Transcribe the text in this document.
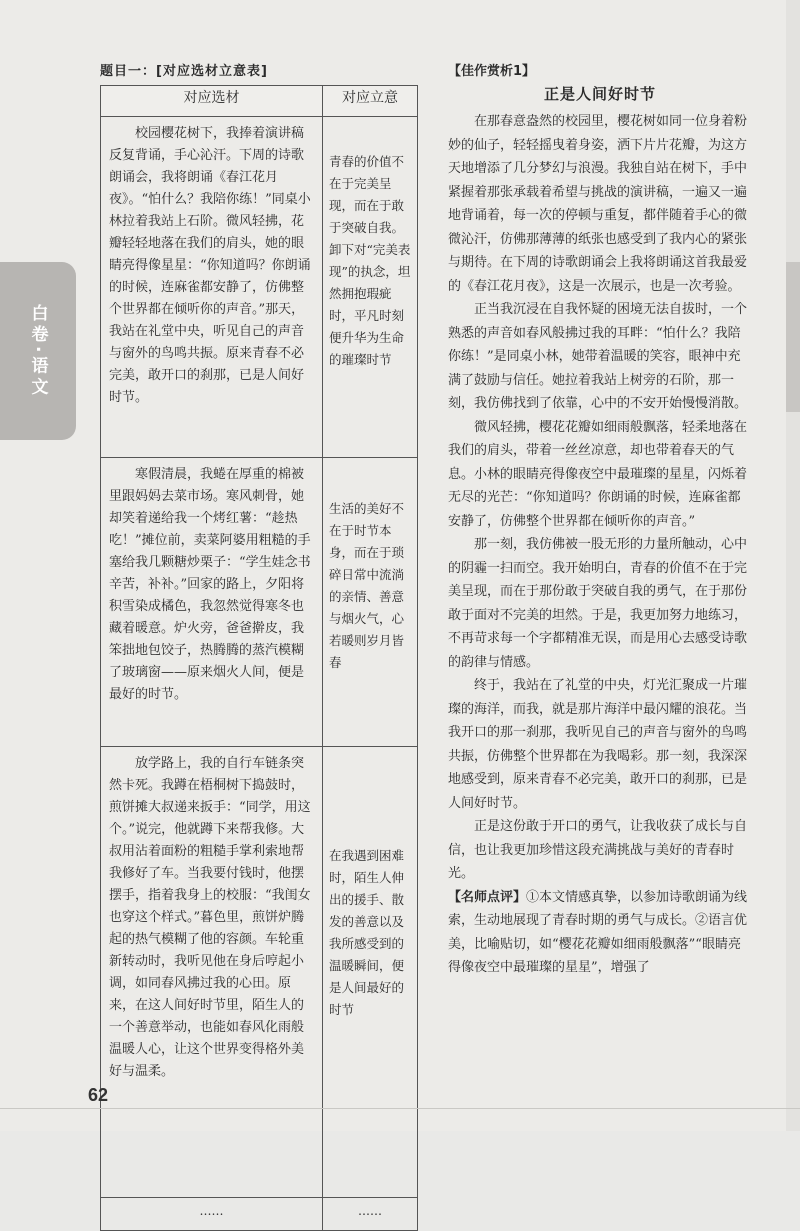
白卷·语文
题目一：[对应选材立意表]
对应选材	对应立意
校园樱花树下，我捧着演讲稿反复背诵，手心沁汗。下周的诗歌朗诵会，我将朗诵《春江花月夜》。“怕什么？我陪你练！”同桌小林拉着我站上石阶。微风轻拂，花瓣轻轻地落在我们的肩头，她的眼睛亮得像星星：“你知道吗？你朗诵的时候，连麻雀都安静了，仿佛整个世界都在倾听你的声音。”那天，我站在礼堂中央，听见自己的声音与窗外的鸟鸣共振。原来青春不必完美，敢开口的刹那，已是人间好时节。	青春的价值不在于完美呈现，而在于敢于突破自我。卸下对“完美表现”的执念，坦然拥抱瑕疵时，平凡时刻便升华为生命的璀璨时节
寒假清晨，我蜷在厚重的棉被里跟妈妈去菜市场。寒风刺骨，她却笑着递给我一个烤红薯：“趁热吃！”摊位前，卖菜阿婆用粗糙的手塞给我几颗糖炒栗子：“学生娃念书辛苦，补补。”回家的路上，夕阳将积雪染成橘色，我忽然觉得寒冬也藏着暖意。炉火旁，爸爸擀皮，我笨拙地包饺子，热腾腾的蒸汽模糊了玻璃窗——原来烟火人间，便是最好的时节。	生活的美好不在于时节本身，而在于琐碎日常中流淌的亲情、善意与烟火气，心若暖则岁月皆春
放学路上，我的自行车链条突然卡死。我蹲在梧桐树下捣鼓时，煎饼摊大叔递来扳手：“同学，用这个。”说完，他就蹲下来帮我修。大叔用沾着面粉的粗糙手掌利索地帮我修好了车。当我要付钱时，他摆摆手，指着我身上的校服：“我闺女也穿这个样式。”暮色里，煎饼炉腾起的热气模糊了他的容颜。车轮重新转动时，我听见他在身后哼起小调，如同春风拂过我的心田。原来，在这人间好时节里，陌生人的一个善意举动，也能如春风化雨般温暖人心，让这个世界变得格外美好与温柔。	在我遇到困难时，陌生人伸出的援手、散发的善意以及我所感受到的温暖瞬间，便是人间最好的时节
……	……
【佳作赏析1】
正是人间好时节

在那春意盎然的校园里，樱花树如同一位身着粉妙的仙子，轻轻摇曳着身姿，洒下片片花瓣，为这方天地增添了几分梦幻与浪漫。我独自站在树下，手中紧握着那张承载着希望与挑战的演讲稿，一遍又一遍地背诵着，每一次的停顿与重复，都伴随着手心的微微沁汗，仿佛那薄薄的纸张也感受到了我内心的紧张与期待。在下周的诗歌朗诵会上我将朗诵这首我最爱的《春江花月夜》，这是一次展示，也是一次考验。

正当我沉浸在自我怀疑的困境无法自拔时，一个熟悉的声音如春风般拂过我的耳畔：“怕什么？我陪你练！”是同桌小林，她带着温暖的笑容，眼神中充满了鼓励与信任。她拉着我站上树旁的石阶，那一刻，我仿佛找到了依靠，心中的不安开始慢慢消散。

微风轻拂，樱花花瓣如细雨般飘落，轻柔地落在我们的肩头，带着一丝丝凉意，却也带着春天的气息。小林的眼睛亮得像夜空中最璀璨的星星，闪烁着无尽的光芒：“你知道吗？你朗诵的时候，连麻雀都安静了，仿佛整个世界都在倾听你的声音。”

那一刻，我仿佛被一股无形的力量所触动，心中的阴霾一扫而空。我开始明白，青春的价值不在于完美呈现，而在于那份敢于突破自我的勇气，在于那份敢于面对不完美的坦然。于是，我更加努力地练习，不再苛求每一个字都精准无误，而是用心去感受诗歌的韵律与情感。

终于，我站在了礼堂的中央，灯光汇聚成一片璀璨的海洋，而我，就是那片海洋中最闪耀的浪花。当我开口的那一刹那，我听见自己的声音与窗外的鸟鸣共振，仿佛整个世界都在为我喝彩。那一刻，我深深地感受到，原来青春不必完美，敢开口的刹那，已是人间好时节。

正是这份敢于开口的勇气，让我收获了成长与自信，也让我更加珍惜这段充满挑战与美好的青春时光。

【名师点评】①本文情感真挚，以参加诗歌朗诵为线索，生动地展现了青春时期的勇气与成长。②语言优美，比喻贴切，如“樱花花瓣如细雨般飘落”“眼睛亮得像夜空中最璀璨的星星”，增强了

62
